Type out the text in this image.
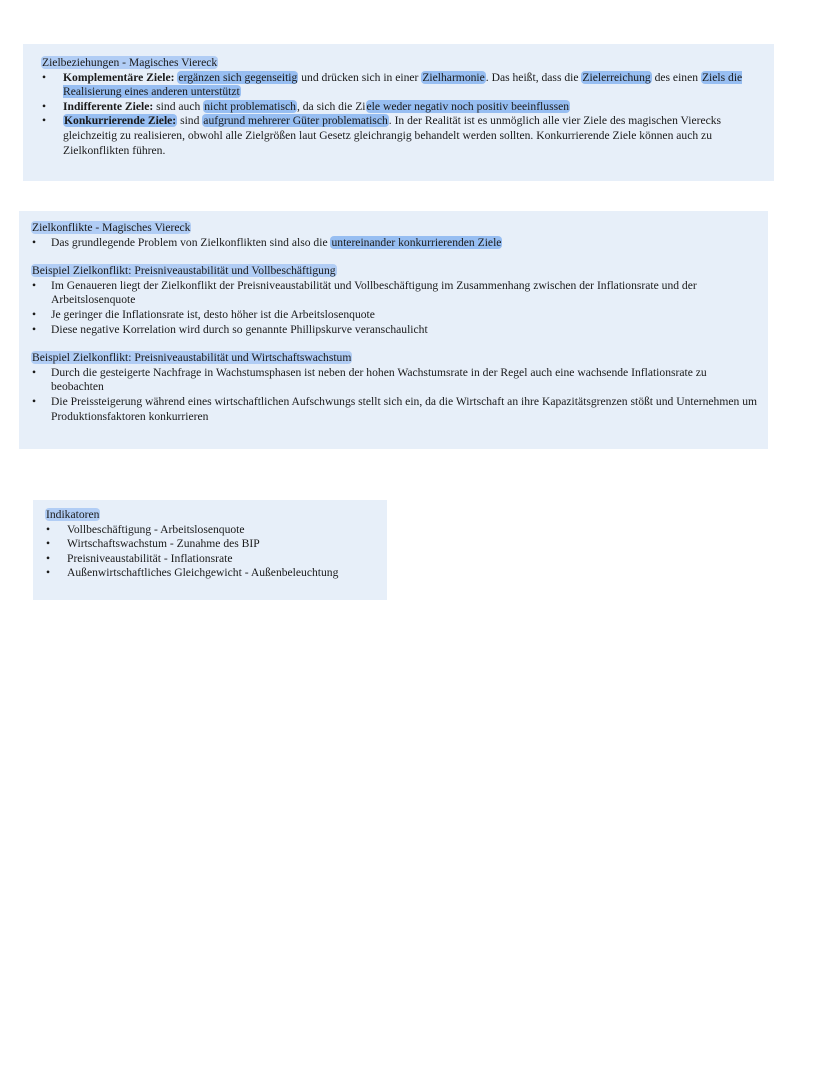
Zielbeziehungen - Magisches Viereck
• Komplementäre Ziele: ergänzen sich gegenseitig und drücken sich in einer Zielharmonie. Das heißt, dass die Zielerreichung des einen Ziels die Realisierung eines anderen unterstützt
• Indifferente Ziele: sind auch nicht problematisch, da sich die Ziele weder negativ noch positiv beeinflussen
• Konkurrierende Ziele: sind aufgrund mehrerer Güter problematisch. In der Realität ist es unmöglich alle vier Ziele des magischen Vierecks gleichzeitig zu realisieren, obwohl alle Zielgrößen laut Gesetz gleichrangig behandelt werden sollten. Konkurrierende Ziele können auch zu Zielkonflikten führen.
Zielkonflikte - Magisches Viereck
• Das grundlegende Problem von Zielkonflikten sind also die untereinander konkurrierenden Ziele
Beispiel Zielkonflikt: Preisniveaustabilität und Vollbeschäftigung
• Im Genaueren liegt der Zielkonflikt der Preisniveaustabilität und Vollbeschäftigung im Zusammenhang zwischen der Inflationsrate und der Arbeitslosenquote
• Je geringer die Inflationsrate ist, desto höher ist die Arbeitslosenquote
• Diese negative Korrelation wird durch so genannte Phillipskurve veranschaulicht
Beispiel Zielkonflikt: Preisniveaustabilität und Wirtschaftswachstum
• Durch die gesteigerte Nachfrage in Wachstumsphasen ist neben der hohen Wachstumsrate in der Regel auch eine wachsende Inflationsrate zu beobachten
• Die Preissteigerung während eines wirtschaftlichen Aufschwungs stellt sich ein, da die Wirtschaft an ihre Kapazitätsgrenzen stößt und Unternehmen um Produktionsfaktoren konkurrieren
Indikatoren
• Vollbeschäftigung - Arbeitslosenquote
• Wirtschaftswachstum - Zunahme des BIP
• Preisniveaustabilität - Inflationsrate
• Außenwirtschaftliches Gleichgewicht - Außenbeleuchtung
